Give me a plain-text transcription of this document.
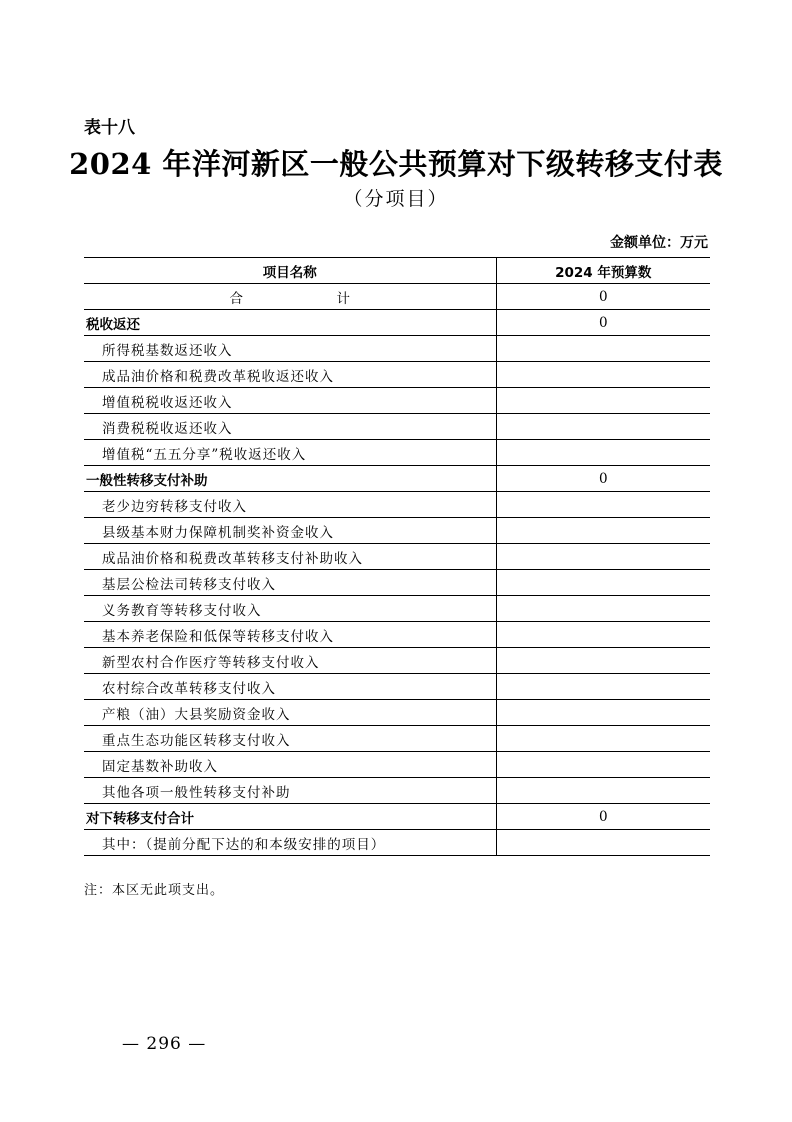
表十八
2024 年洋河新区一般公共预算对下级转移支付表
（分项目）
金额单位：万元
项目名称	2024 年预算数
合　计	0
税收返还	0
所得税基数返还收入	
成品油价格和税费改革税收返还收入	
增值税税收返还收入	
消费税税收返还收入	
增值税“五五分享”税收返还收入	
一般性转移支付补助	0
老少边穷转移支付收入	
县级基本财力保障机制奖补资金收入	
成品油价格和税费改革转移支付补助收入	
基层公检法司转移支付收入	
义务教育等转移支付收入	
基本养老保险和低保等转移支付收入	
新型农村合作医疗等转移支付收入	
农村综合改革转移支付收入	
产粮（油）大县奖励资金收入	
重点生态功能区转移支付收入	
固定基数补助收入	
其他各项一般性转移支付补助	
对下转移支付合计	0
其中：（提前分配下达的和本级安排的项目）	
注：本区无此项支出。
— 296 —
